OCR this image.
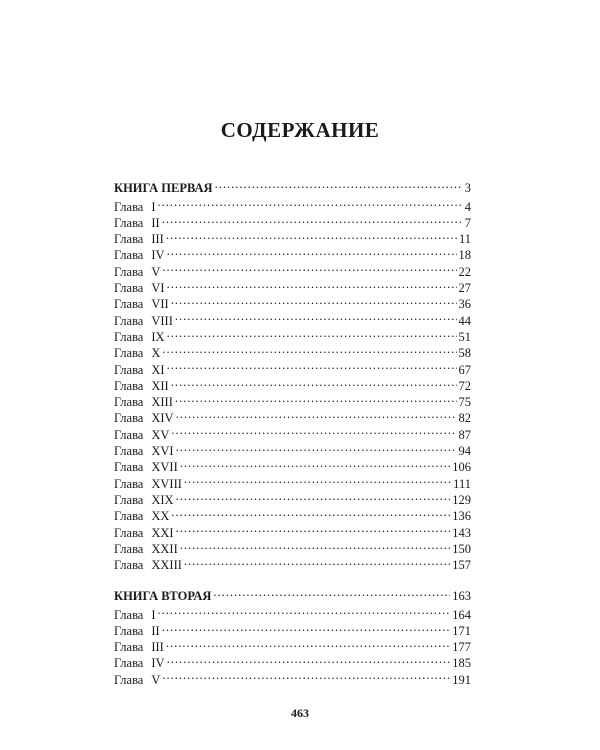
СОДЕРЖАНИЕ
КНИГА ПЕРВАЯ .....	3
Глава I .....	4
Глава II .....	7
Глава III .....	11
Глава IV .....	18
Глава V .....	22
Глава VI .....	27
Глава VII .....	36
Глава VIII .....	44
Глава IX .....	51
Глава X .....	58
Глава XI .....	67
Глава XII .....	72
Глава XIII .....	75
Глава XIV .....	82
Глава XV .....	87
Глава XVI .....	94
Глава XVII .....	106
Глава XVIII .....	111
Глава XIX .....	129
Глава XX .....	136
Глава XXI .....	143
Глава XXII .....	150
Глава XXIII .....	157
КНИГА ВТОРАЯ .....	163
Глава I .....	164
Глава II .....	171
Глава III .....	177
Глава IV .....	185
Глава V .....	191
463
